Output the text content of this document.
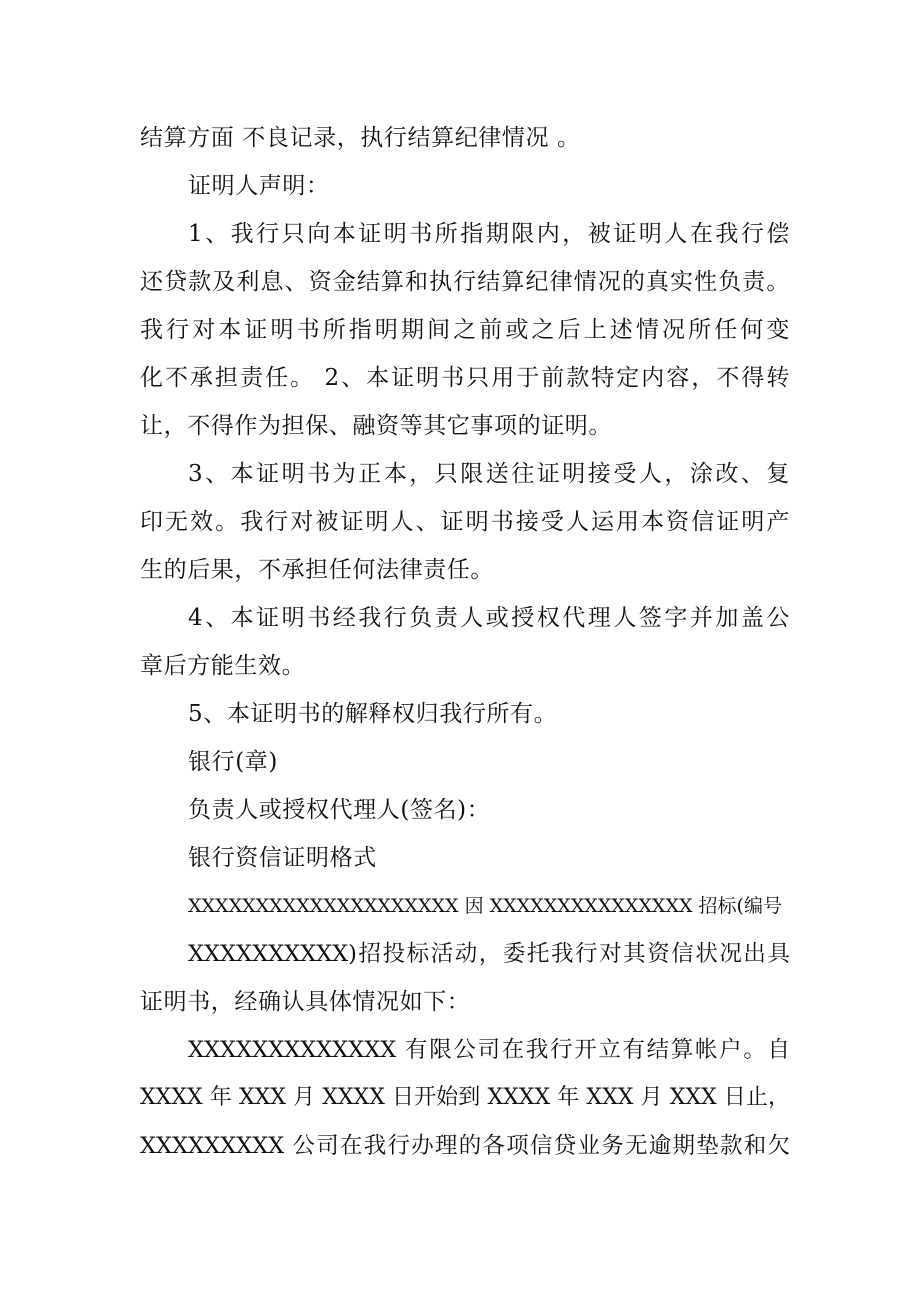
结算方面 不良记录，执行结算纪律情况 。
证明人声明：
1、我行只向本证明书所指期限内，被证明人在我行偿
还贷款及利息、资金结算和执行结算纪律情况的真实性负责。
我行对本证明书所指明期间之前或之后上述情况所任何变
化不承担责任。 2、本证明书只用于前款特定内容，不得转
让，不得作为担保、融资等其它事项的证明。
3、本证明书为正本，只限送往证明接受人，涂改、复
印无效。我行对被证明人、证明书接受人运用本资信证明产
生的后果，不承担任何法律责任。
4、本证明书经我行负责人或授权代理人签字并加盖公
章后方能生效。
5、本证明书的解释权归我行所有。
银行(章)
负责人或授权代理人(签名)：
银行资信证明格式
XXXXXXXXXXXXXXXXXXXX 因 XXXXXXXXXXXXXXX 招标(编号
XXXXXXXXXX)招投标活动，委托我行对其资信状况出具
证明书，经确认具体情况如下：
XXXXXXXXXXXXX 有限公司在我行开立有结算帐户。自
XXXX 年 XXX 月 XXXX 日开始到 XXXX 年 XXX 月 XXX 日止，
XXXXXXXXX 公司在我行办理的各项信贷业务无逾期垫款和欠
